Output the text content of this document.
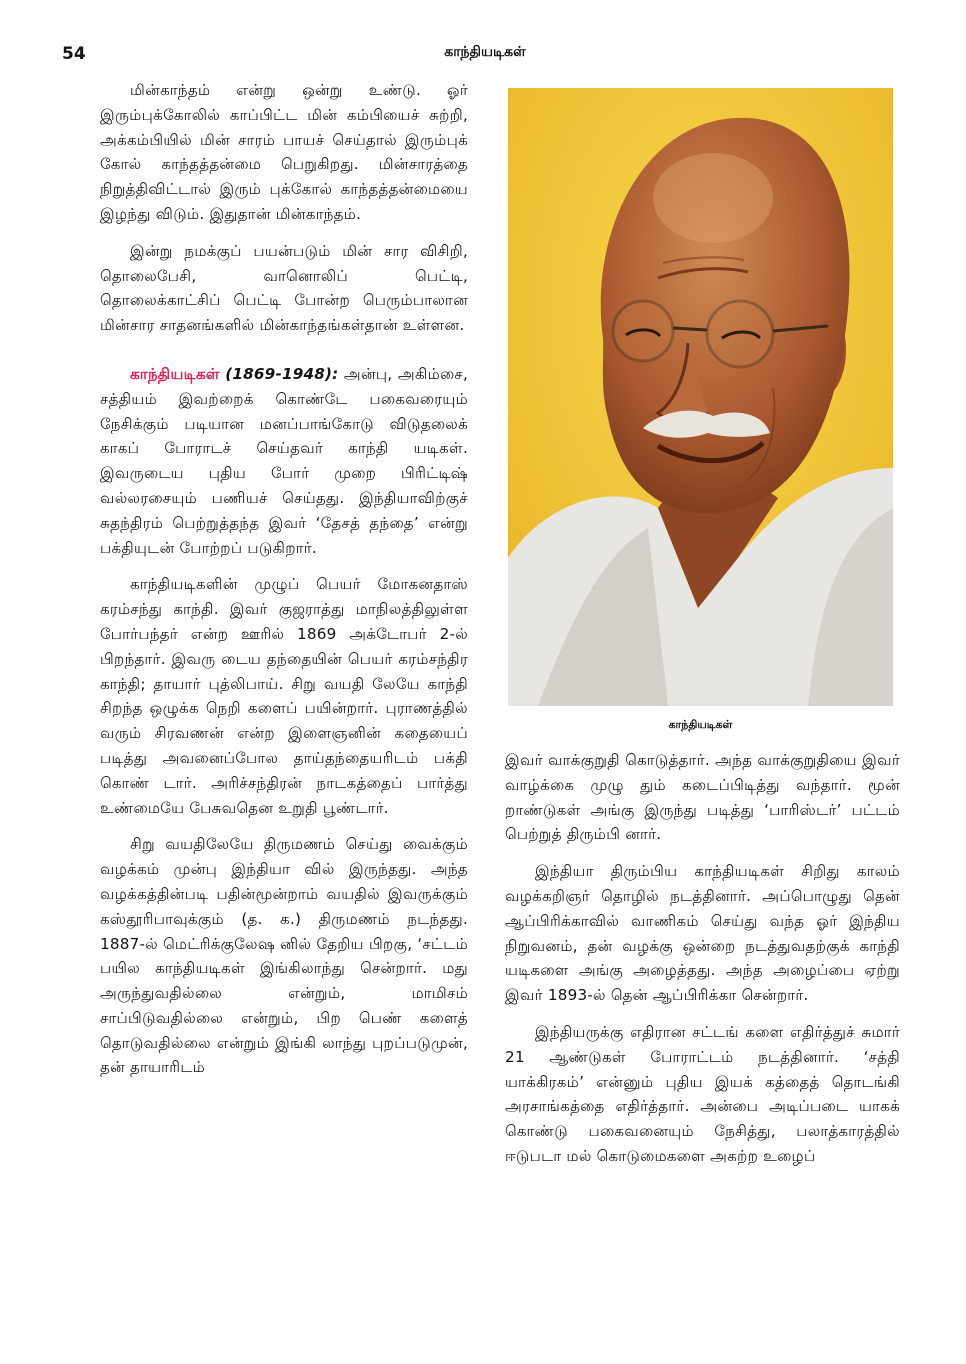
54	காந்தியடிகள்

மின்காந்தம் என்று ஒன்று உண்டு. ஓர் இரும்புக்கோலில் காப்பிட்ட மின் கம்பியைச் சுற்றி, அக்கம்பியில் மின் சாரம் பாயச் செய்தால் இரும்புக் கோல் காந்தத்தன்மை பெறுகிறது. மின்சாரத்தை நிறுத்திவிட்டால் இரும் புக்கோல் காந்தத்தன்மையை இழந்து விடும். இதுதான் மின்காந்தம்.

இன்று நமக்குப் பயன்படும் மின் சார விசிறி, தொலைபேசி, வானொலிப் பெட்டி, தொலைக்காட்சிப் பெட்டி போன்ற பெரும்பாலான மின்சார சாதனங்களில் மின்காந்தங்கள்தான் உள்ளன.

காந்தியடிகள் (1869-1948): அன்பு, அகிம்சை, சத்தியம் இவற்றைக் கொண்டே பகைவரையும் நேசிக்கும் படியான மனப்பாங்கோடு விடுதலைக் காகப் போராடச் செய்தவர் காந்தி யடிகள். இவருடைய புதிய போர் முறை பிரிட்டிஷ் வல்லரசையும் பணியச் செய்தது. இந்தியாவிற்குச் சுதந்திரம் பெற்றுத்தந்த இவர் ‘தேசத் தந்தை’ என்று பக்தியுடன் போற்றப் படுகிறார்.

காந்தியடிகளின் முழுப் பெயர் மோகனதாஸ் கரம்சந்து காந்தி. இவர் குஜராத்து மாநிலத்திலுள்ள போர்பந்தர் என்ற ஊரில் 1869 அக்டோபர் 2-ல் பிறந்தார். இவரு டைய தந்தையின் பெயர் கரம்சந்திர காந்தி; தாயார் புத்லிபாய். சிறு வயதி லேயே காந்தி சிறந்த ஒழுக்க நெறி களைப் பயின்றார். புராணத்தில் வரும் சிரவணன் என்ற இளைஞனின் கதையைப் படித்து அவனைப்போல தாய்தந்தையரிடம் பக்தி கொண் டார். அரிச்சந்திரன் நாடகத்தைப் பார்த்து உண்மையே பேசுவதென உறுதி பூண்டார்.

சிறு வயதிலேயே திருமணம் செய்து வைக்கும் வழக்கம் முன்பு இந்தியா வில் இருந்தது. அந்த வழக்கத்தின்படி பதின்மூன்றாம் வயதில் இவருக்கும் கஸ்தூரிபாவுக்கும் (த. க.) திருமணம் நடந்தது. 1887-ல் மெட்ரிக்குலேஷ னில் தேறிய பிறகு, ‘சட்டம் பயில காந்தியடிகள் இங்கிலாந்து சென்றார். மது அருந்துவதில்லை என்றும், மாமிசம் சாப்பிடுவதில்லை என்றும், பிற பெண் களைத் தொடுவதில்லை என்றும் இங்கி லாந்து புறப்படுமுன், தன் தாயாரிடம்

காந்தியடிகள்

இவர் வாக்குறுதி கொடுத்தார். அந்த வாக்குறுதியை இவர் வாழ்க்கை முழு தும் கடைப்பிடித்து வந்தார். மூன் றாண்டுகள் அங்கு இருந்து படித்து ‘பாரிஸ்டர்’ பட்டம் பெற்றுத் திரும்பி னார்.

இந்தியா திரும்பிய காந்தியடிகள் சிறிது காலம் வழக்கறிஞர் தொழில் நடத்தினார். அப்பொழுது தென் ஆப்பிரிக்காவில் வாணிகம் செய்து வந்த ஓர் இந்திய நிறுவனம், தன் வழக்கு ஒன்றை நடத்துவதற்குக் காந்தி யடிகளை அங்கு அழைத்தது. அந்த அழைப்பை ஏற்று இவர் 1893-ல் தென் ஆப்பிரிக்கா சென்றார்.

இந்தியருக்கு எதிரான சட்டங் களை எதிர்த்துச் சுமார் 21 ஆண்டுகள் போராட்டம் நடத்தினார். ‘சத்தி யாக்கிரகம்’ என்னும் புதிய இயக் கத்தைத் தொடங்கி அரசாங்கத்தை எதிர்த்தார். அன்பை அடிப்படை யாகக் கொண்டு பகைவனையும் நேசித்து, பலாத்காரத்தில் ஈடுபடா மல் கொடுமைகளை அகற்ற உழைப்
